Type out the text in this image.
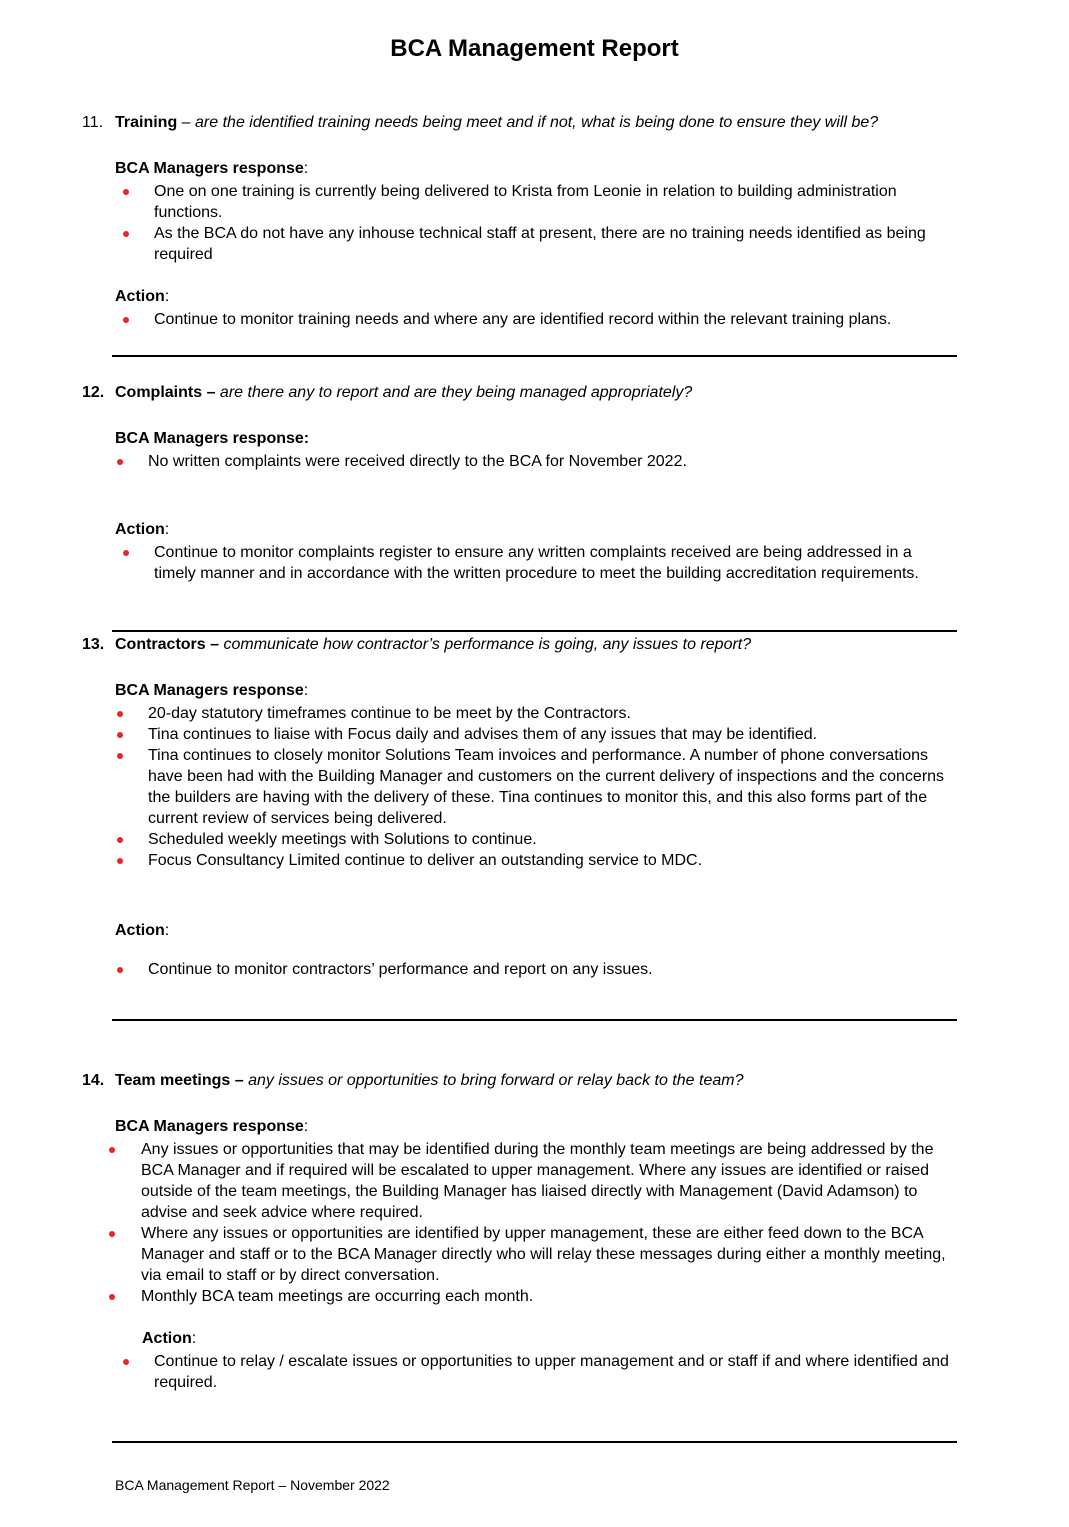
BCA Management Report
11. Training – are the identified training needs being meet and if not, what is being done to ensure they will be?
BCA Managers response:
One on one training is currently being delivered to Krista from Leonie in relation to building administration functions.
As the BCA do not have any inhouse technical staff at present, there are no training needs identified as being required
Action:
Continue to monitor training needs and where any are identified record within the relevant training plans.
12. Complaints – are there any to report and are they being managed appropriately?
BCA Managers response:
No written complaints were received directly to the BCA for November 2022.
Action:
Continue to monitor complaints register to ensure any written complaints received are being addressed in a timely manner and in accordance with the written procedure to meet the building accreditation requirements.
13. Contractors – communicate how contractor’s performance is going, any issues to report?
BCA Managers response:
20-day statutory timeframes continue to be meet by the Contractors.
Tina continues to liaise with Focus daily and advises them of any issues that may be identified.
Tina continues to closely monitor Solutions Team invoices and performance. A number of phone conversations have been had with the Building Manager and customers on the current delivery of inspections and the concerns the builders are having with the delivery of these. Tina continues to monitor this, and this also forms part of the current review of services being delivered.
Scheduled weekly meetings with Solutions to continue.
Focus Consultancy Limited continue to deliver an outstanding service to MDC.
Action:
Continue to monitor contractors’ performance and report on any issues.
14. Team meetings – any issues or opportunities to bring forward or relay back to the team?
BCA Managers response:
Any issues or opportunities that may be identified during the monthly team meetings are being addressed by the BCA Manager and if required will be escalated to upper management. Where any issues are identified or raised outside of the team meetings, the Building Manager has liaised directly with Management (David Adamson) to advise and seek advice where required.
Where any issues or opportunities are identified by upper management, these are either feed down to the BCA Manager and staff or to the BCA Manager directly who will relay these messages during either a monthly meeting, via email to staff or by direct conversation.
Monthly BCA team meetings are occurring each month.
Action:
Continue to relay / escalate issues or opportunities to upper management and or staff if and where identified and required.
BCA Management Report – November 2022
